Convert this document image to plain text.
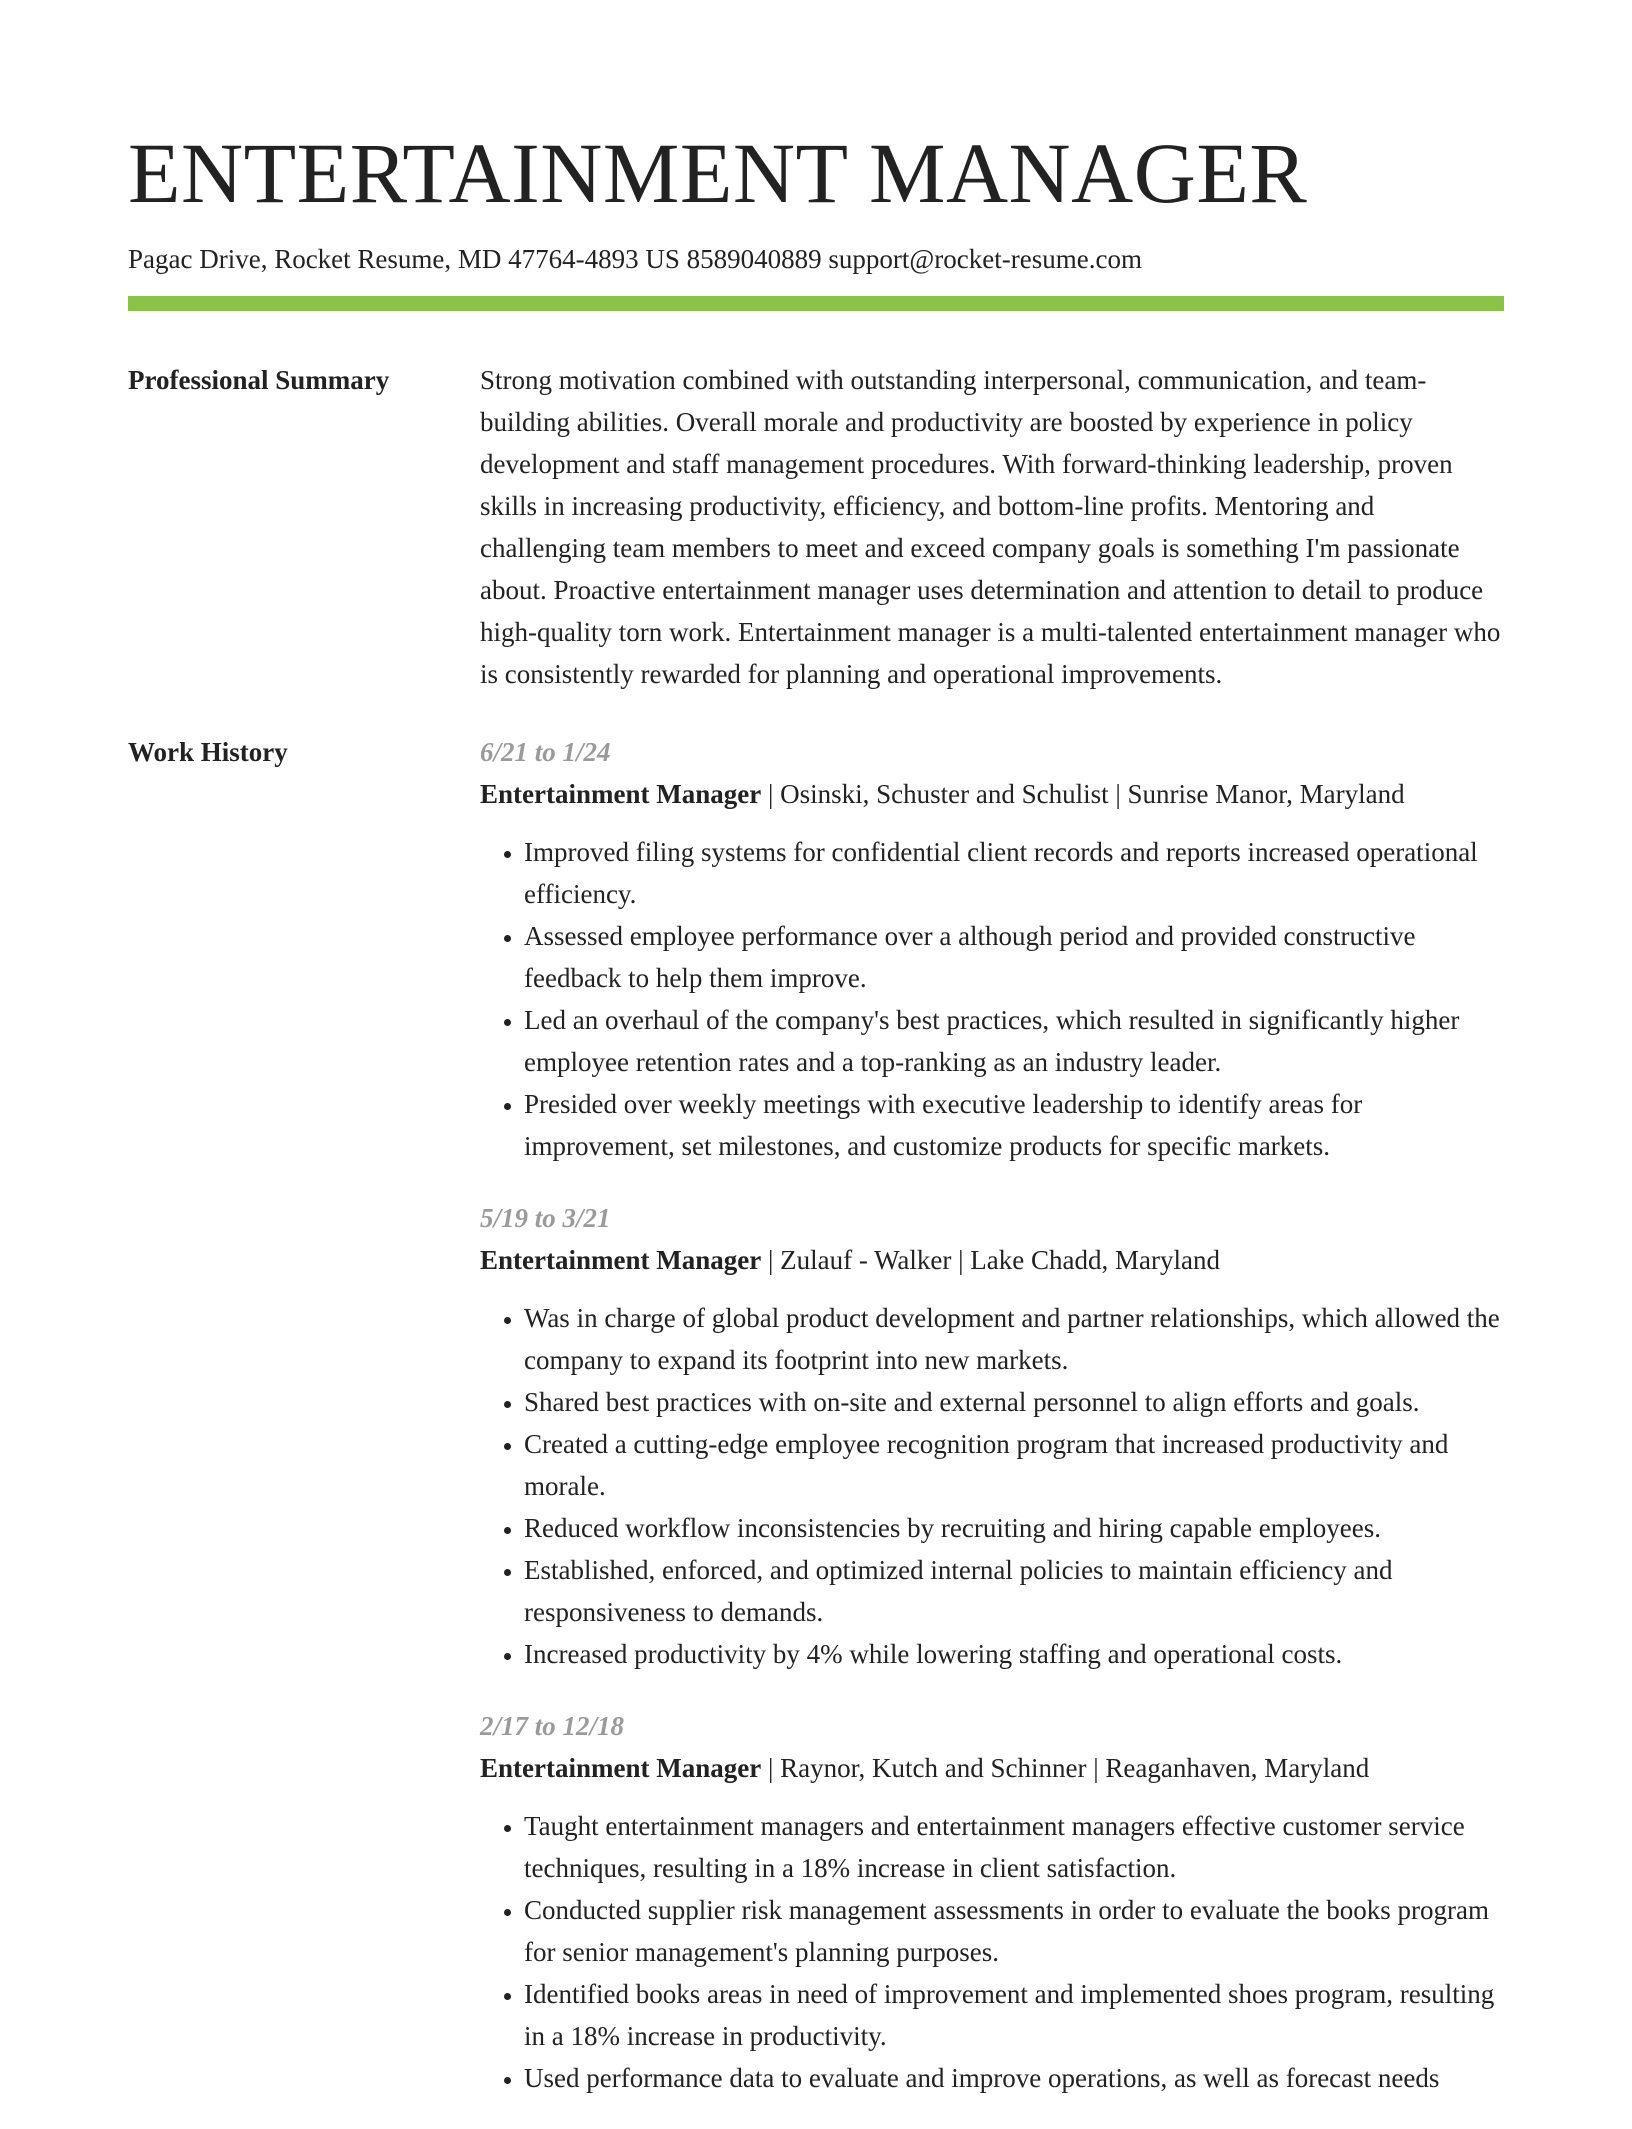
ENTERTAINMENT MANAGER
Pagac Drive, Rocket Resume, MD 47764-4893 US 8589040889 support@rocket-resume.com
Professional Summary	Strong motivation combined with outstanding interpersonal, communication, and team-building abilities. Overall morale and productivity are boosted by experience in policy development and staff management procedures. With forward-thinking leadership, proven skills in increasing productivity, efficiency, and bottom-line profits. Mentoring and challenging team members to meet and exceed company goals is something I'm passionate about. Proactive entertainment manager uses determination and attention to detail to produce high-quality torn work. Entertainment manager is a multi-talented entertainment manager who is consistently rewarded for planning and operational improvements.

Work History	6/21 to 1/24
Entertainment Manager | Osinski, Schuster and Schulist | Sunrise Manor, Maryland
• Improved filing systems for confidential client records and reports increased operational efficiency.
• Assessed employee performance over a although period and provided constructive feedback to help them improve.
• Led an overhaul of the company's best practices, which resulted in significantly higher employee retention rates and a top-ranking as an industry leader.
• Presided over weekly meetings with executive leadership to identify areas for improvement, set milestones, and customize products for specific markets.
5/19 to 3/21
Entertainment Manager | Zulauf - Walker | Lake Chadd, Maryland
• Was in charge of global product development and partner relationships, which allowed the company to expand its footprint into new markets.
• Shared best practices with on-site and external personnel to align efforts and goals.
• Created a cutting-edge employee recognition program that increased productivity and morale.
• Reduced workflow inconsistencies by recruiting and hiring capable employees.
• Established, enforced, and optimized internal policies to maintain efficiency and responsiveness to demands.
• Increased productivity by 4% while lowering staffing and operational costs.
2/17 to 12/18
Entertainment Manager | Raynor, Kutch and Schinner | Reaganhaven, Maryland
• Taught entertainment managers and entertainment managers effective customer service techniques, resulting in a 18% increase in client satisfaction.
• Conducted supplier risk management assessments in order to evaluate the books program for senior management's planning purposes.
• Identified books areas in need of improvement and implemented shoes program, resulting in a 18% increase in productivity.
• Used performance data to evaluate and improve operations, as well as forecast needs
